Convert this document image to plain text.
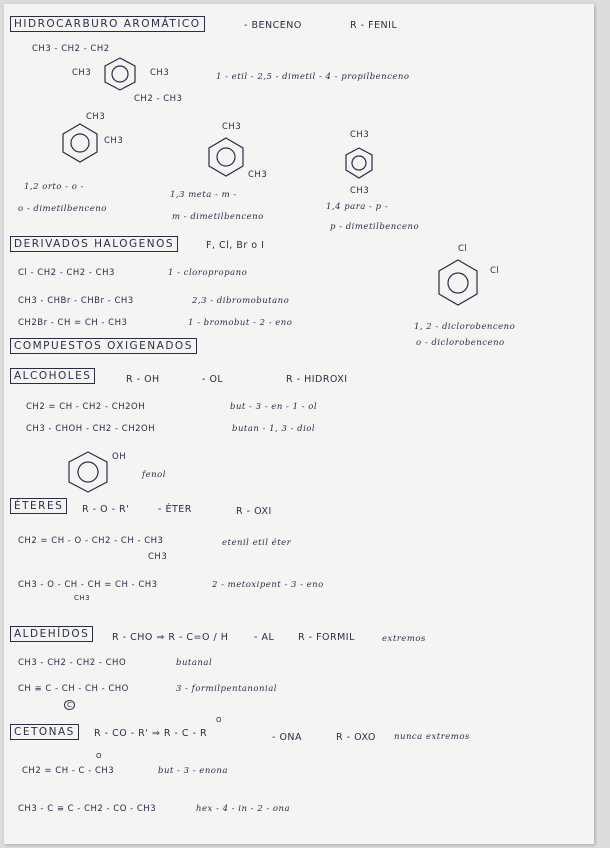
HIDROCARBURO AROMÁTICO	- BENCENO	R - FENIL
CH3 - CH2 - CH2
CH3	CH3
CH2 - CH3
1 - etil - 2,5 - dimetil - 4 - propilbenceno
CH3
CH3
1,2 orto - o -
o - dimetilbenceno
CH3
CH3
1,3 meta - m -
m - dimetilbenceno
CH3
CH3
1,4 para - p -
p - dimetilbenceno
DERIVADOS HALOGENOS	F, Cl, Br o I
Cl - CH2 - CH2 - CH3	1 - cloropropano
CH3 - CHBr - CHBr - CH3	2,3 - dibromobutano
CH2Br - CH = CH - CH3	1 - bromobut - 2 - eno
Cl
Cl
1, 2 - diclorobenceno
o - diclorobenceno
COMPUESTOS OXIGENADOS
ALCOHOLES	R - OH	- OL	R - HIDROXI
CH2 = CH - CH2 - CH2OH	but - 3 - en - 1 - ol
CH3 - CHOH - CH2 - CH2OH	butan - 1, 3 - diol
OH
fenol
ÉTERES	R - O - R'	- ÉTER	R - OXI
CH2 = CH - O - CH2 - CH - CH3
CH3
etenil etil éter
CH3 - O - CH - CH = CH - CH3
CH3
2 - metoxipent - 3 - eno
ALDEHÍDOS	R - CHO ⇒ R - C=O / H	- AL	R - FORMIL	extremos
CH3 - CH2 - CH2 - CHO	butanal
CH ≡ C - CH - CH - CHO
C
3 - formilpentanonial
CETONAS
O
R - CO - R' ⇒ R - C - R	- ONA	R - OXO nunca extremos
O
CH2 = CH - C - CH3	but - 3 - enona
CH3 - C ≡ C - CH2 - CO - CH3	hex - 4 - in - 2 - ona
